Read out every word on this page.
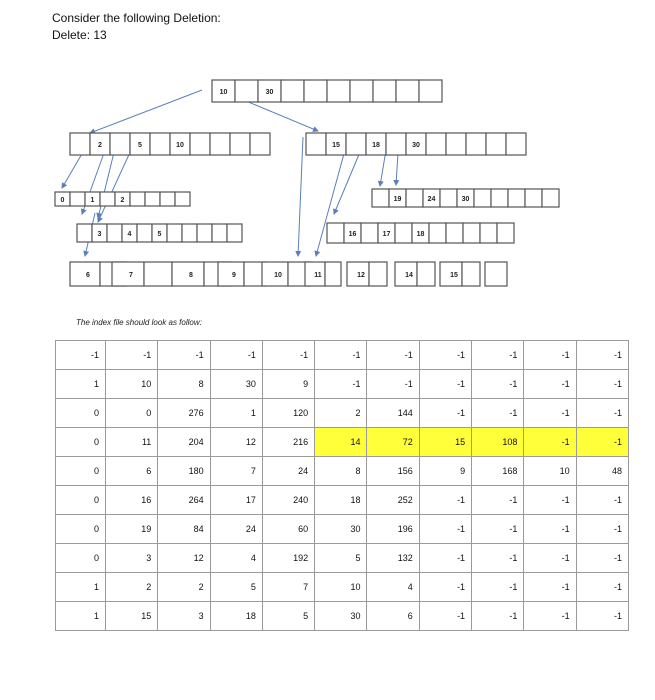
Consider the following Deletion:
Delete: 13
10	30
2	5	10	15	18	30
0	1	2
3	4	5
19	24	30
16	17	18
6	7	8	9	10	11	12	14	15
The index file should look as follow:
-1	-1	-1	-1	-1	-1	-1	-1	-1	-1	-1
1	10	8	30	9	-1	-1	-1	-1	-1	-1
0	0	276	1	120	2	144	-1	-1	-1	-1
0	11	204	12	216	14	72	15	108	-1	-1
0	6	180	7	24	8	156	9	168	10	48
0	16	264	17	240	18	252	-1	-1	-1	-1
0	19	84	24	60	30	196	-1	-1	-1	-1
0	3	12	4	192	5	132	-1	-1	-1	-1
1	2	2	5	7	10	4	-1	-1	-1	-1
1	15	3	18	5	30	6	-1	-1	-1	-1
